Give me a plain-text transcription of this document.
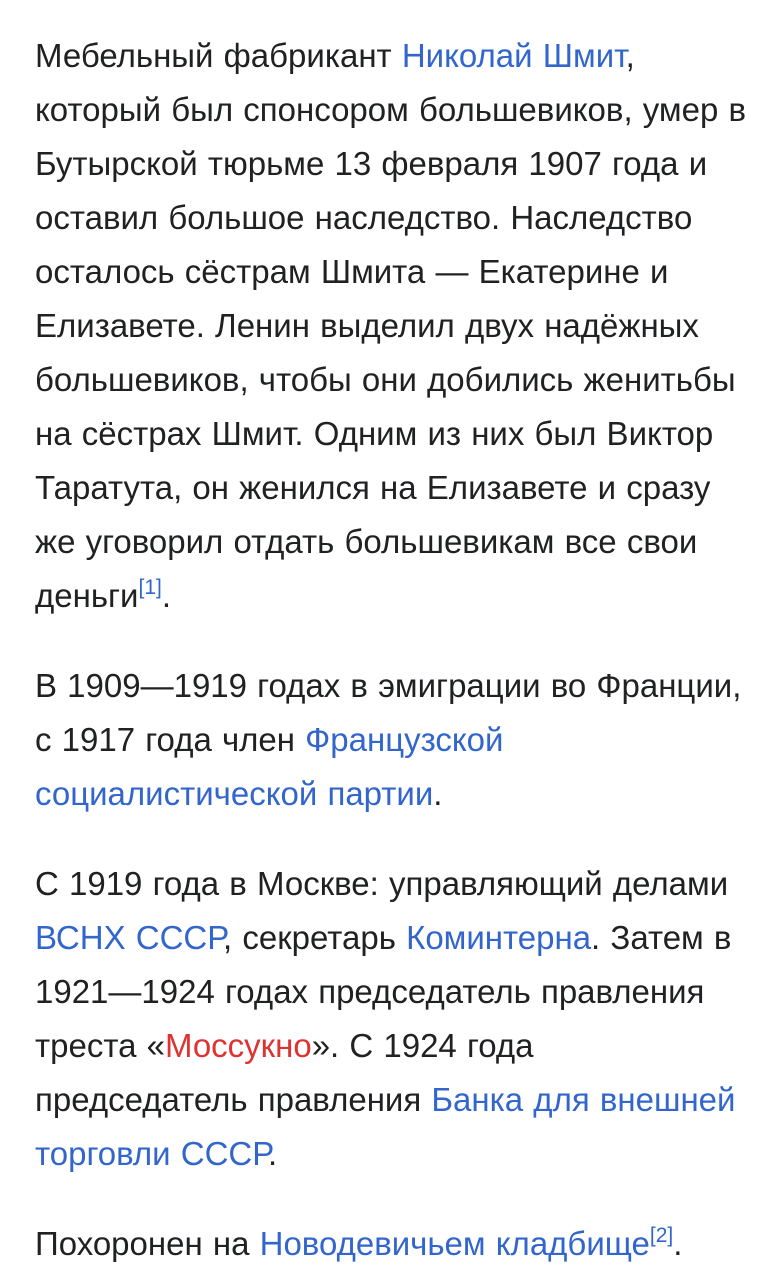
Мебельный фабрикант Николай Шмит, который был спонсором большевиков, умер в Бутырской тюрьме 13 февраля 1907 года и оставил большое наследство. Наследство осталось сёстрам Шмита — Екатерине и Елизавете. Ленин выделил двух надёжных большевиков, чтобы они добились женитьбы на сёстрах Шмит. Одним из них был Виктор Таратута, он женился на Елизавете и сразу же уговорил отдать большевикам все свои деньги[1].

В 1909—1919 годах в эмиграции во Франции, с 1917 года член Французской социалистической партии.

С 1919 года в Москве: управляющий делами ВСНХ СССР, секретарь Коминтерна. Затем в 1921—1924 годах председатель правления треста «Моссукно». С 1924 года председатель правления Банка для внешней торговли СССР.

Похоронен на Новодевичьем кладбище[2].
